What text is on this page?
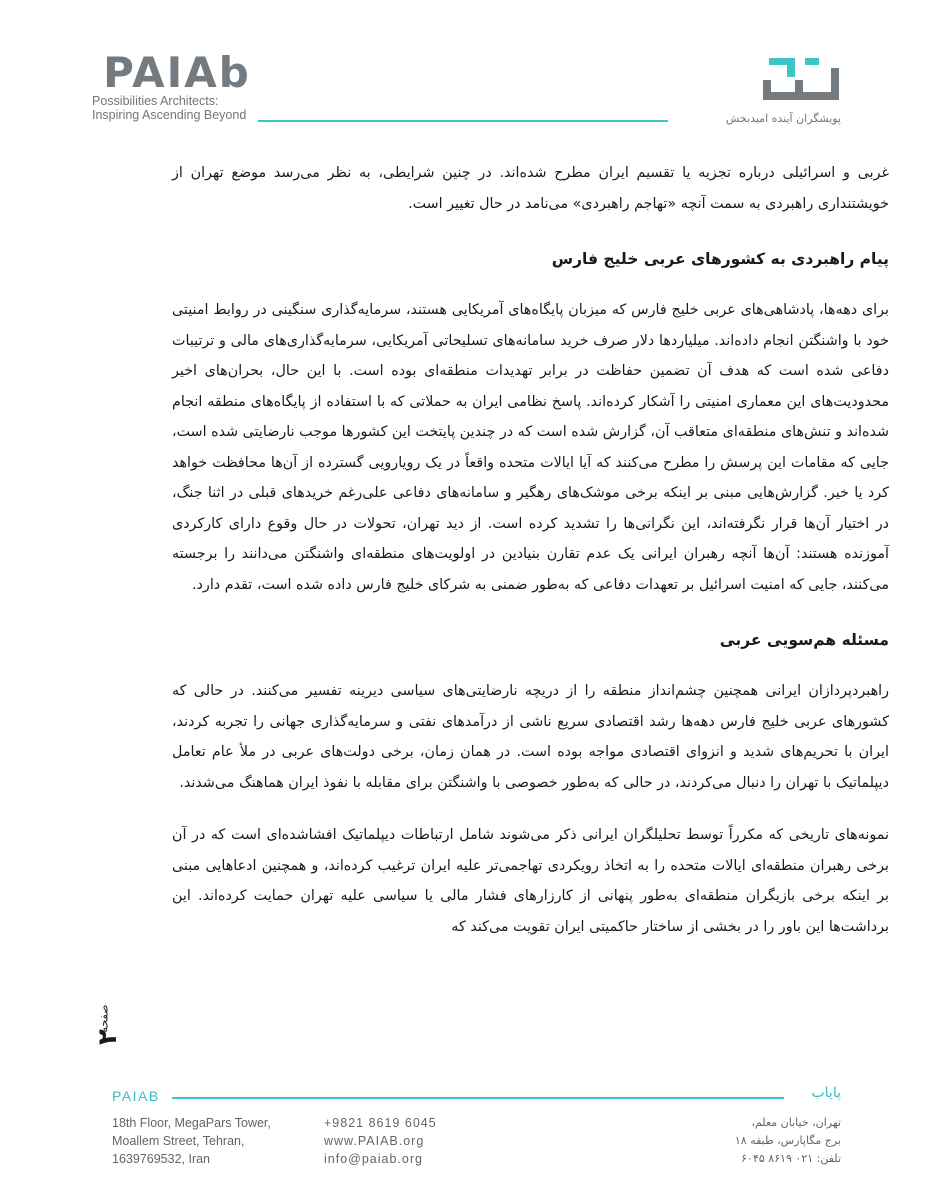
PAIAb
Possibilities Architects:
Inspiring Ascending Beyond	پویشگران آینده امیدبخش

غربی و اسرائیلی درباره تجزیه یا تقسیم ایران مطرح شده‌اند. در چنین شرایطی، به نظر می‌رسد موضع تهران از خویشتنداری راهبردی به سمت آنچه «تهاجم راهبردی» می‌نامد در حال تغییر است.

پیام راهبردی به کشورهای عربی خلیج فارس

برای دهه‌ها، پادشاهی‌های عربی خلیج فارس که میزبان پایگاه‌های آمریکایی هستند، سرمایه‌گذاری سنگینی در روابط امنیتی خود با واشنگتن انجام داده‌اند. میلیاردها دلار صرف خرید سامانه‌های تسلیحاتی آمریکایی، سرمایه‌گذاری‌های مالی و ترتیبات دفاعی شده است که هدف آن تضمین حفاظت در برابر تهدیدات منطقه‌ای بوده است. با این حال، بحران‌های اخیر محدودیت‌های این معماری امنیتی را آشکار کرده‌اند. پاسخ نظامی ایران به حملاتی که با استفاده از پایگاه‌های منطقه انجام شده‌اند و تنش‌های منطقه‌ای متعاقب آن، گزارش شده است که در چندین پایتخت این کشورها موجب نارضایتی شده است، جایی که مقامات این پرسش را مطرح می‌کنند که آیا ایالات متحده واقعاً در یک رویارویی گسترده از آن‌ها محافظت خواهد کرد یا خیر. گزارش‌هایی مبنی بر اینکه برخی موشک‌های رهگیر و سامانه‌های دفاعی علی‌رغم خریدهای قبلی در اثنا جنگ، در اختیار آن‌ها قرار نگرفته‌اند، این نگرانی‌ها را تشدید کرده است. از دید تهران، تحولات در حال وقوع دارای کارکردی آموزنده هستند: آن‌ها آنچه رهبران ایرانی یک عدم تقارن بنیادین در اولویت‌های منطقه‌ای واشنگتن می‌دانند را برجسته می‌کنند، جایی که امنیت اسرائیل بر تعهدات دفاعی که به‌طور ضمنی به شرکای خلیج فارس داده شده است، تقدم دارد.

مسئله هم‌سویی عربی

راهبردپردازان ایرانی همچنین چشم‌انداز منطقه را از دریچه نارضایتی‌های سیاسی دیرینه تفسیر می‌کنند. در حالی که کشورهای عربی خلیج فارس دهه‌ها رشد اقتصادی سریع ناشی از درآمدهای نفتی و سرمایه‌گذاری جهانی را تجربه کردند، ایران با تحریم‌های شدید و انزوای اقتصادی مواجه بوده است. در همان زمان، برخی دولت‌های عربی در ملأ عام تعامل دیپلماتیک با تهران را دنبال می‌کردند، در حالی که به‌طور خصوصی با واشنگتن برای مقابله با نفوذ ایران هماهنگ می‌شدند.

نمونه‌های تاریخی که مکرراً توسط تحلیلگران ایرانی ذکر می‌شوند شامل ارتباطات دیپلماتیک افشاشده‌ای است که در آن برخی رهبران منطقه‌ای ایالات متحده را به اتخاذ رویکردی تهاجمی‌تر علیه ایران ترغیب کرده‌اند، و همچنین ادعاهایی مبنی بر اینکه برخی بازیگران منطقه‌ای به‌طور پنهانی از کارزارهای فشار مالی یا سیاسی علیه تهران حمایت کرده‌اند. این برداشت‌ها این باور را در بخشی از ساختار حاکمیتی ایران تقویت می‌کند که

صفحه
۲
PAIAB	پایاب
18th Floor, MegaPars Tower,
Moallem Street, Tehran,
1639769532, Iran
+9821 8619 6045
www.PAIAB.org
info@paiab.org
تهران، خیابان معلم،
برج مگاپارس، طبقه ۱۸
تلفن: ۰۲۱ ۸۶۱۹ ۶۰۴۵
